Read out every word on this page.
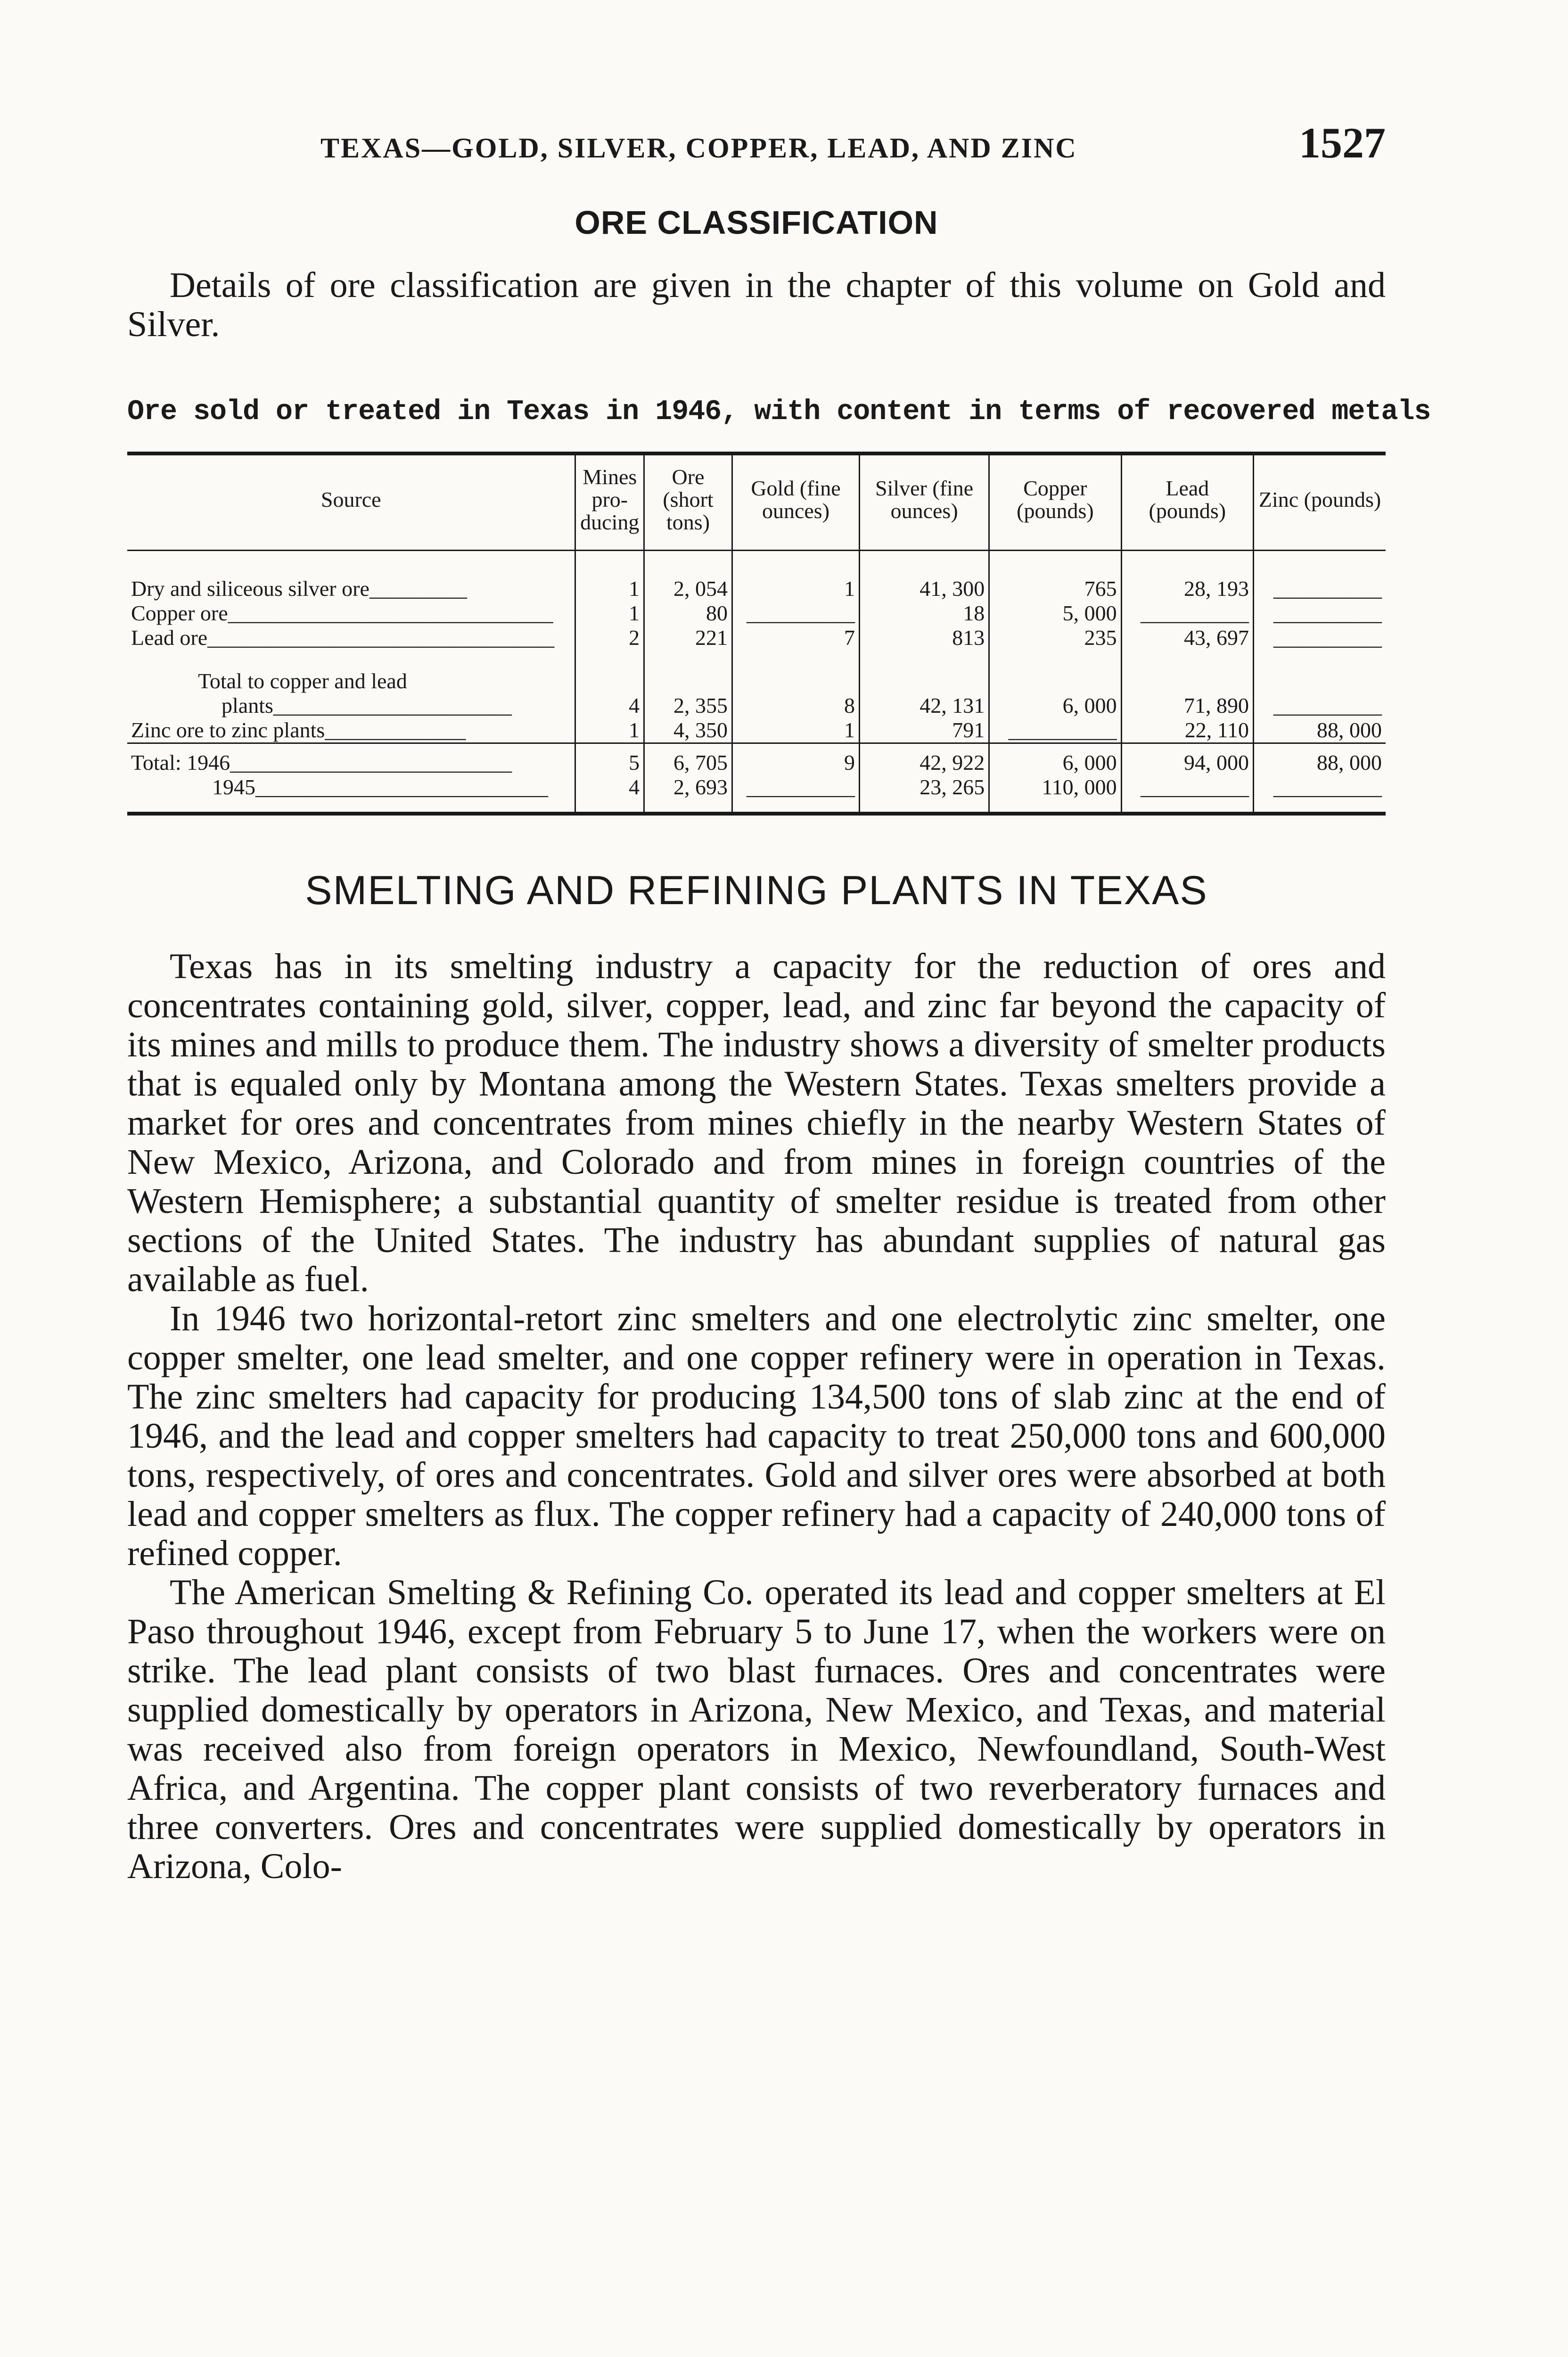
TEXAS—GOLD, SILVER, COPPER, LEAD, AND ZINC	1527
ORE CLASSIFICATION

Details of ore classification are given in the chapter of this volume on Gold and Silver.

Ore sold or treated in Texas in 1946, with content in terms of recovered metals
Source	Mines pro- ducing	Ore (short tons)	Gold (fine ounces)	Silver (fine ounces)	Copper (pounds)	Lead (pounds)	Zinc (pounds)
Dry and siliceous silver ore_________	1	2, 054	1	41, 300	765	28, 193	__________
Copper ore______________________________	1	80	__________	18	5, 000	__________	__________
Lead ore________________________________	2	221	7	813	235	43, 697	__________
Total to copper and lead							
plants______________________	4	2, 355	8	42, 131	6, 000	71, 890	__________
Zinc ore to zinc plants_____________	1	4, 350	1	791	__________	22, 110	88, 000
Total: 1946__________________________	5	6, 705	9	42, 922	6, 000	94, 000	88, 000
1945___________________________	4	2, 693	__________	23, 265	110, 000	__________	__________
SMELTING AND REFINING PLANTS IN TEXAS

Texas has in its smelting industry a capacity for the reduction of ores and concentrates containing gold, silver, copper, lead, and zinc far beyond the capacity of its mines and mills to produce them. The industry shows a diversity of smelter products that is equaled only by Montana among the Western States. Texas smelters provide a market for ores and concentrates from mines chiefly in the nearby Western States of New Mexico, Arizona, and Colorado and from mines in foreign countries of the Western Hemisphere; a substantial quantity of smelter residue is treated from other sections of the United States. The industry has abundant supplies of natural gas available as fuel.

In 1946 two horizontal-retort zinc smelters and one electrolytic zinc smelter, one copper smelter, one lead smelter, and one copper refinery were in operation in Texas. The zinc smelters had capacity for producing 134,500 tons of slab zinc at the end of 1946, and the lead and copper smelters had capacity to treat 250,000 tons and 600,000 tons, respectively, of ores and concentrates. Gold and silver ores were absorbed at both lead and copper smelters as flux. The copper refinery had a capacity of 240,000 tons of refined copper.

The American Smelting & Refining Co. operated its lead and copper smelters at El Paso throughout 1946, except from February 5 to June 17, when the workers were on strike. The lead plant consists of two blast furnaces. Ores and concentrates were supplied domestically by operators in Arizona, New Mexico, and Texas, and material was received also from foreign operators in Mexico, Newfoundland, South-West Africa, and Argentina. The copper plant consists of two reverberatory furnaces and three converters. Ores and concentrates were supplied domestically by operators in Arizona, Colo-
